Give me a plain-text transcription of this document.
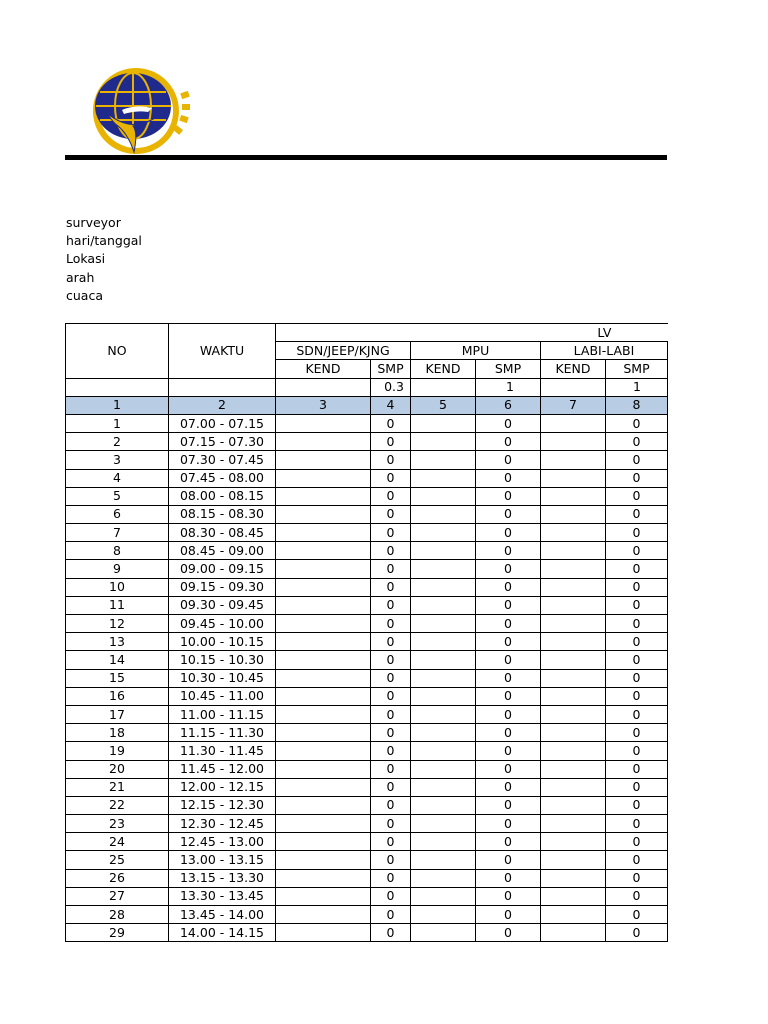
surveyor
hari/tanggal
Lokasi
arah
cuaca
NO	WAKTU	LV					
		SDN/JEEP/KJNG		MPU		LABI-LABI	
		KEND	SMP	KEND	SMP	KEND	SMP
			0.3		1		1
1	2	3	4	5	6	7	8
1	07.00 - 07.15		0		0		0
2	07.15 - 07.30		0		0		0
3	07.30 - 07.45		0		0		0
4	07.45 - 08.00		0		0		0
5	08.00 - 08.15		0		0		0
6	08.15 - 08.30		0		0		0
7	08.30 - 08.45		0		0		0
8	08.45 - 09.00		0		0		0
9	09.00 - 09.15		0		0		0
10	09.15 - 09.30		0		0		0
11	09.30 - 09.45		0		0		0
12	09.45 - 10.00		0		0		0
13	10.00 - 10.15		0		0		0
14	10.15 - 10.30		0		0		0
15	10.30 - 10.45		0		0		0
16	10.45 - 11.00		0		0		0
17	11.00 - 11.15		0		0		0
18	11.15 - 11.30		0		0		0
19	11.30 - 11.45		0		0		0
20	11.45 - 12.00		0		0		0
21	12.00 - 12.15		0		0		0
22	12.15 - 12.30		0		0		0
23	12.30 - 12.45		0		0		0
24	12.45 - 13.00		0		0		0
25	13.00 - 13.15		0		0		0
26	13.15 - 13.30		0		0		0
27	13.30 - 13.45		0		0		0
28	13.45 - 14.00		0		0		0
29	14.00 - 14.15		0		0		0
